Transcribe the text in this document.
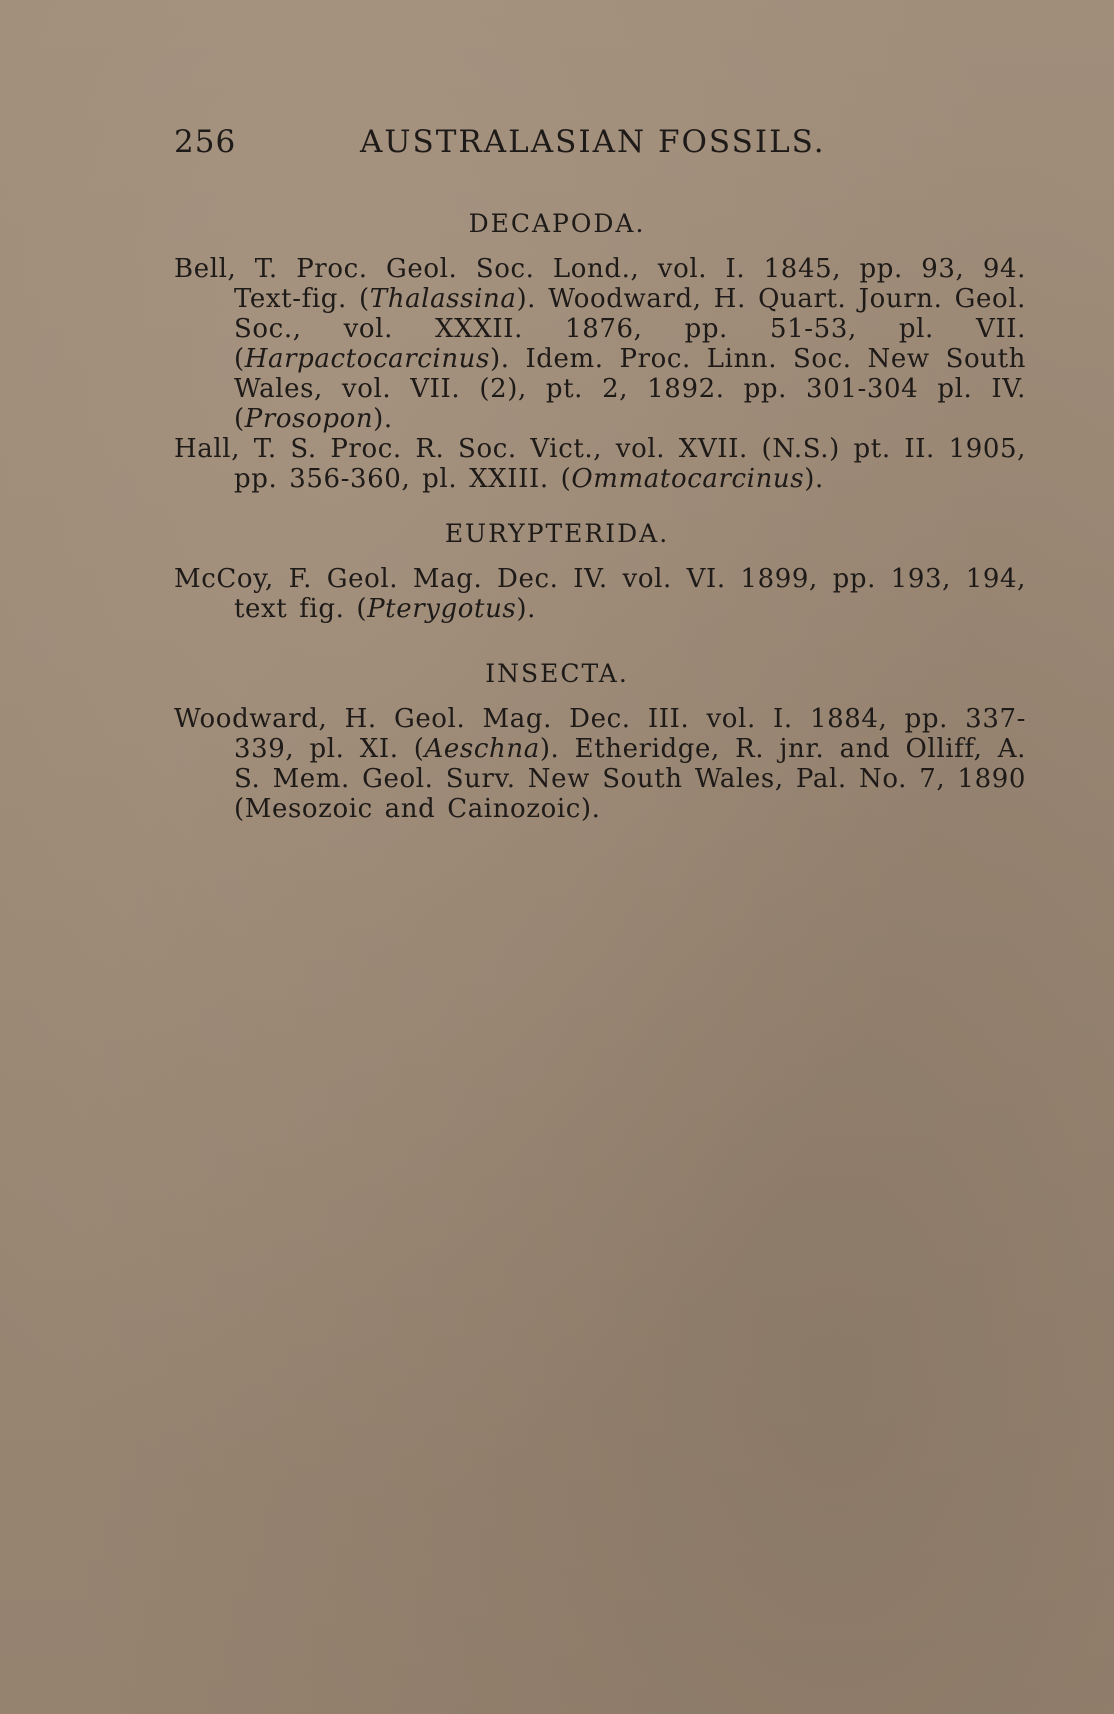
256	AUSTRALASIAN FOSSILS.
DECAPODA.

Bell, T. Proc. Geol. Soc. Lond., vol. I. 1845, pp. 93, 94. Text-fig. (Thalassina). Woodward, H. Quart. Journ. Geol. Soc., vol. XXXII. 1876, pp. 51-53, pl. VII. (Harpactocarcinus). Idem. Proc. Linn. Soc. New South Wales, vol. VII. (2), pt. 2, 1892. pp. 301-304 pl. IV. (Prosopon).

Hall, T. S. Proc. R. Soc. Vict., vol. XVII. (N.S.) pt. II. 1905, pp. 356-360, pl. XXIII. (Ommatocarcinus).

EURYPTERIDA.

McCoy, F. Geol. Mag. Dec. IV. vol. VI. 1899, pp. 193, 194, text fig. (Pterygotus).

INSECTA.

Woodward, H. Geol. Mag. Dec. III. vol. I. 1884, pp. 337-339, pl. XI. (Aeschna). Etheridge, R. jnr. and Olliff, A. S. Mem. Geol. Surv. New South Wales, Pal. No. 7, 1890 (Mesozoic and Cainozoic).
